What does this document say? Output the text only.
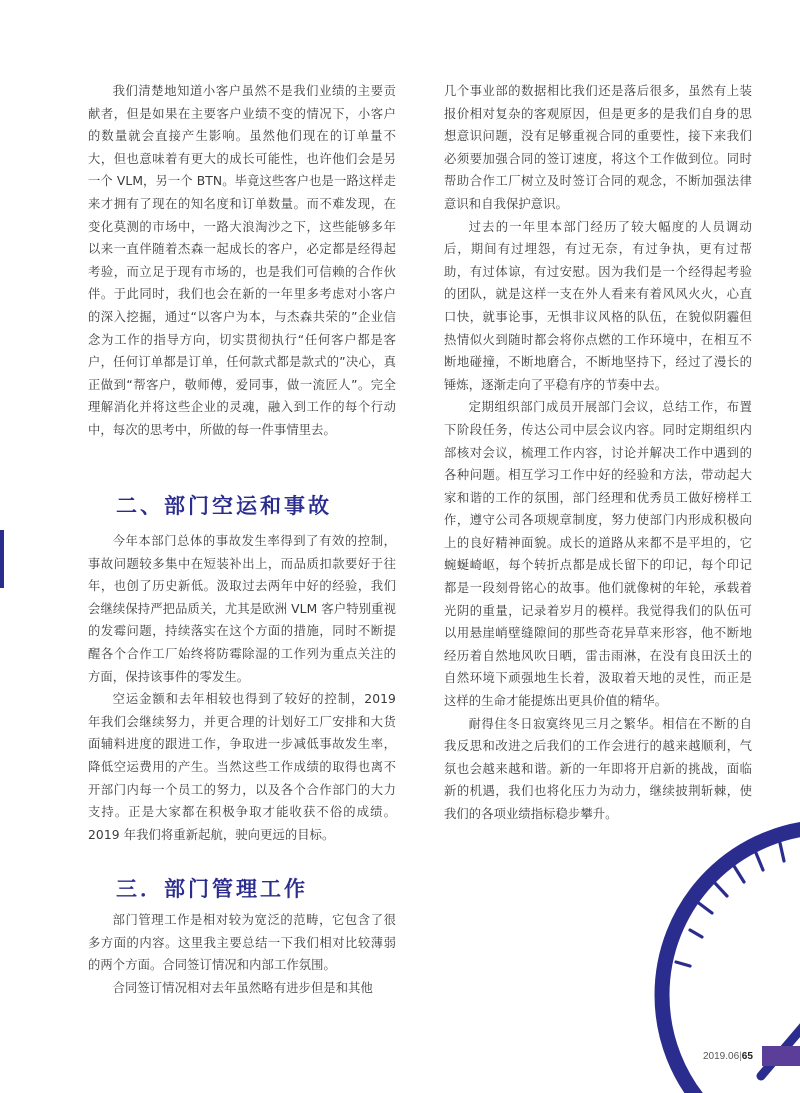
我们清楚地知道小客户虽然不是我们业绩的主要贡献者，但是如果在主要客户业绩不变的情况下，小客户的数量就会直接产生影响。虽然他们现在的订单量不大，但也意味着有更大的成长可能性，也许他们会是另一个 VLM，另一个 BTN。毕竟这些客户也是一路这样走来才拥有了现在的知名度和订单数量。而不难发现，在变化莫测的市场中，一路大浪淘沙之下，这些能够多年以来一直伴随着杰森一起成长的客户，必定都是经得起考验，而立足于现有市场的，也是我们可信赖的合作伙伴。于此同时，我们也会在新的一年里多考虑对小客户的深入挖掘，通过“以客户为本，与杰森共荣的”企业信念为工作的指导方向，切实贯彻执行“任何客户都是客户，任何订单都是订单，任何款式都是款式的”决心，真正做到“帮客户，敬师傅，爱同事，做一流匠人”。完全理解消化并将这些企业的灵魂，融入到工作的每个行动中，每次的思考中，所做的每一件事情里去。

二、部门空运和事故

今年本部门总体的事故发生率得到了有效的控制，事故问题较多集中在短装补出上，而品质扣款要好于往年，也创了历史新低。汲取过去两年中好的经验，我们会继续保持严把品质关，尤其是欧洲 VLM 客户特别重视的发霉问题，持续落实在这个方面的措施，同时不断提醒各个合作工厂始终将防霉除湿的工作列为重点关注的方面，保持该事件的零发生。

空运金额和去年相较也得到了较好的控制，2019 年我们会继续努力，并更合理的计划好工厂安排和大货面辅料进度的跟进工作，争取进一步减低事故发生率，降低空运费用的产生。当然这些工作成绩的取得也离不开部门内每一个员工的努力，以及各个合作部门的大力支持。正是大家都在积极争取才能收获不俗的成绩。2019 年我们将重新起航，驶向更远的目标。

三．部门管理工作

部门管理工作是相对较为宽泛的范畴，它包含了很多方面的内容。这里我主要总结一下我们相对比较薄弱的两个方面。合同签订情况和内部工作氛围。

合同签订情况相对去年虽然略有进步但是和其他

几个事业部的数据相比我们还是落后很多，虽然有上装报价相对复杂的客观原因，但是更多的是我们自身的思想意识问题，没有足够重视合同的重要性，接下来我们必须要加强合同的签订速度，将这个工作做到位。同时帮助合作工厂树立及时签订合同的观念，不断加强法律意识和自我保护意识。

过去的一年里本部门经历了较大幅度的人员调动后，期间有过埋怨，有过无奈，有过争执，更有过帮助，有过体谅，有过安慰。因为我们是一个经得起考验的团队，就是这样一支在外人看来有着风风火火，心直口快，就事论事，无惧非议风格的队伍，在貌似阴霾但热情似火到随时都会将你点燃的工作环境中，在相互不断地碰撞，不断地磨合，不断地坚持下，经过了漫长的锤炼，逐渐走向了平稳有序的节奏中去。

定期组织部门成员开展部门会议，总结工作，布置下阶段任务，传达公司中层会议内容。同时定期组织内部核对会议，梳理工作内容，讨论并解决工作中遇到的各种问题。相互学习工作中好的经验和方法，带动起大家和谐的工作的氛围，部门经理和优秀员工做好榜样工作，遵守公司各项规章制度，努力使部门内形成积极向上的良好精神面貌。成长的道路从来都不是平坦的，它蜿蜒崎岖，每个转折点都是成长留下的印记，每个印记都是一段刻骨铭心的故事。他们就像树的年轮，承载着光阴的重量，记录着岁月的模样。我觉得我们的队伍可以用悬崖峭壁缝隙间的那些奇花异草来形容，他不断地经历着自然地风吹日晒，雷击雨淋，在没有良田沃土的自然环境下顽强地生长着，汲取着天地的灵性，而正是这样的生命才能提炼出更具价值的精华。

耐得住冬日寂寞终见三月之繁华。相信在不断的自我反思和改进之后我们的工作会进行的越来越顺利，气氛也会越来越和谐。新的一年即将开启新的挑战，面临新的机遇，我们也将化压力为动力，继续披荆斩棘，使我们的各项业绩指标稳步攀升。

2019.06|65
